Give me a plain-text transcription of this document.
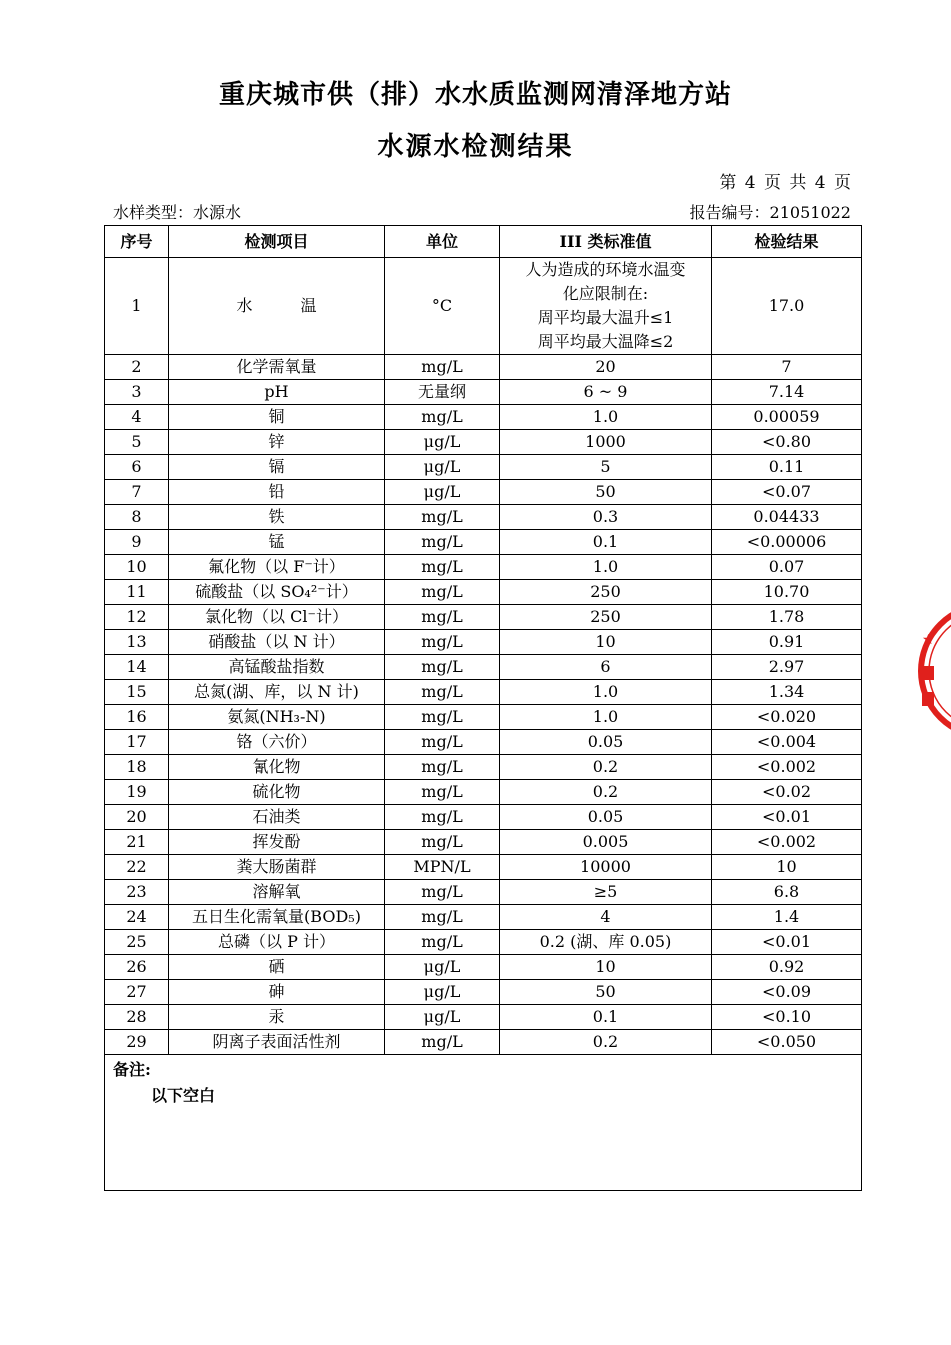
重庆城市供（排）水水质监测网清泽地方站
水源水检测结果
第 4 页 共 4 页
水样类型：水源水	报告编号：21051022
序号	检测项目	单位	III 类标准值	检验结果
1	水　　　温	°C	人为造成的环境水温变
化应限制在:
周平均最大温升≤1
周平均最大温降≤2	17.0
2	化学需氧量	mg/L	20	7
3	pH	无量纲	6 ~ 9	7.14
4	铜	mg/L	1.0	0.00059
5	锌	μg/L	1000	<0.80
6	镉	μg/L	5	0.11
7	铅	μg/L	50	<0.07
8	铁	mg/L	0.3	0.04433
9	锰	mg/L	0.1	<0.00006
10	氟化物（以 F⁻计）	mg/L	1.0	0.07
11	硫酸盐（以 SO₄²⁻计）	mg/L	250	10.70
12	氯化物（以 Cl⁻计）	mg/L	250	1.78
13	硝酸盐（以 N 计）	mg/L	10	0.91
14	高锰酸盐指数	mg/L	6	2.97
15	总氮(湖、库，以 N 计)	mg/L	1.0	1.34
16	氨氮(NH₃-N)	mg/L	1.0	<0.020
17	铬（六价）	mg/L	0.05	<0.004
18	氰化物	mg/L	0.2	<0.002
19	硫化物	mg/L	0.2	<0.02
20	石油类	mg/L	0.05	<0.01
21	挥发酚	mg/L	0.005	<0.002
22	粪大肠菌群	MPN/L	10000	10
23	溶解氧	mg/L	≥5	6.8
24	五日生化需氧量(BOD₅)	mg/L	4	1.4
25	总磷（以 P 计）	mg/L	0.2 (湖、库 0.05)	<0.01
26	硒	μg/L	10	0.92
27	砷	μg/L	50	<0.09
28	汞	μg/L	0.1	<0.10
29	阴离子表面活性剂	mg/L	0.2	<0.050

备注:
以下空白				
★
